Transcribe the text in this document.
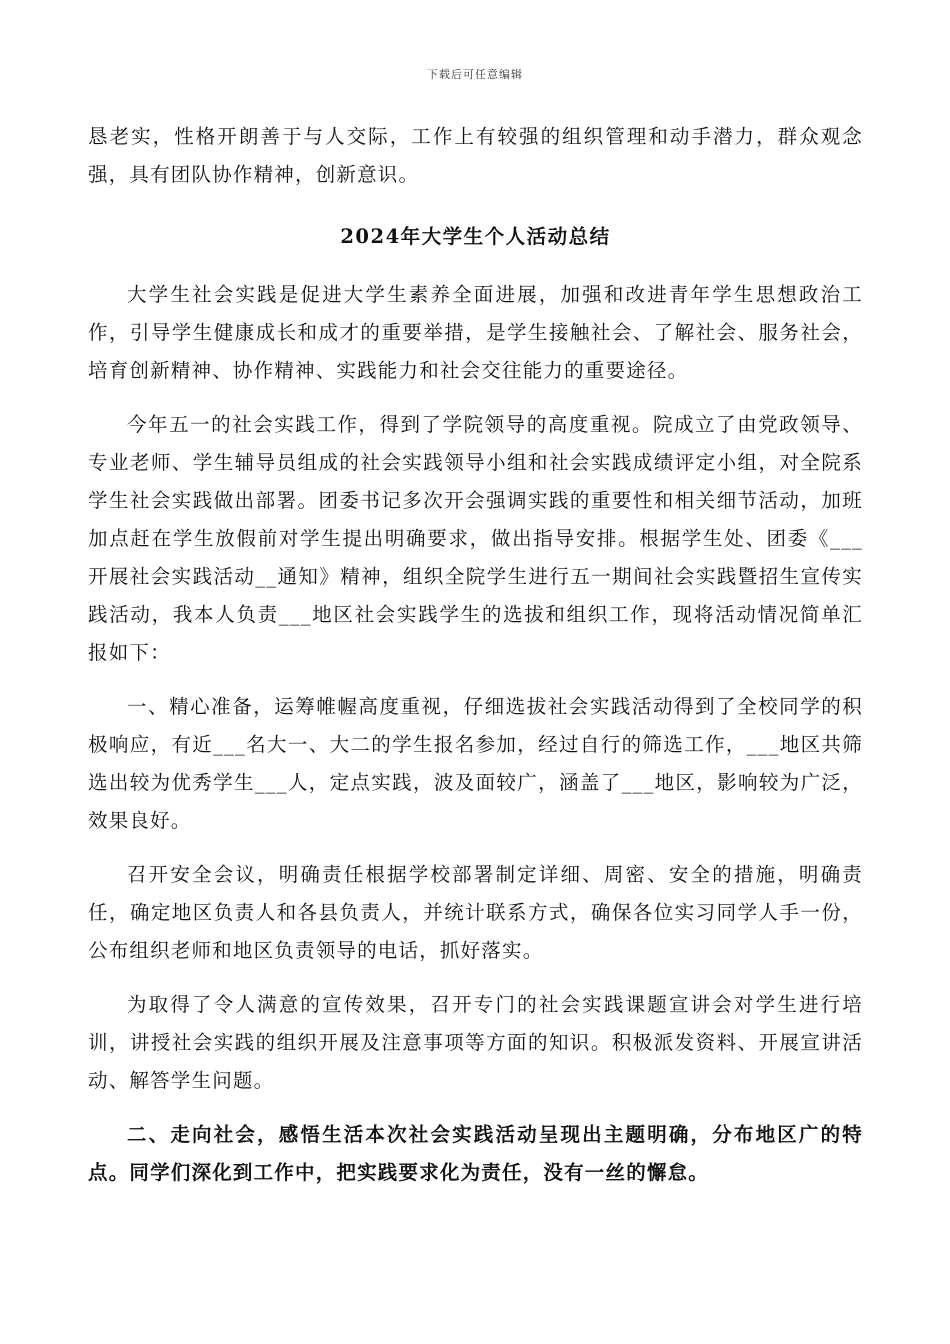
下载后可任意编辑

恳老实，性格开朗善于与人交际，工作上有较强的组织管理和动手潜力，群众观念强，具有团队协作精神，创新意识。

2024年大学生个人活动总结

大学生社会实践是促进大学生素养全面进展，加强和改进青年学生思想政治工作，引导学生健康成长和成才的重要举措，是学生接触社会、了解社会、服务社会，培育创新精神、协作精神、实践能力和社会交往能力的重要途径。

今年五一的社会实践工作，得到了学院领导的高度重视。院成立了由党政领导、专业老师、学生辅导员组成的社会实践领导小组和社会实践成绩评定小组，对全院系学生社会实践做出部署。团委书记多次开会强调实践的重要性和相关细节活动，加班加点赶在学生放假前对学生提出明确要求，做出指导安排。根据学生处、团委《___开展社会实践活动__通知》精神，组织全院学生进行五一期间社会实践暨招生宣传实践活动，我本人负责___地区社会实践学生的选拔和组织工作，现将活动情况简单汇报如下：

一、精心准备，运筹帷幄高度重视，仔细选拔社会实践活动得到了全校同学的积极响应，有近___名大一、大二的学生报名参加，经过自行的筛选工作，___地区共筛选出较为优秀学生___人，定点实践，波及面较广，涵盖了___地区，影响较为广泛，效果良好。

召开安全会议，明确责任根据学校部署制定详细、周密、安全的措施，明确责任，确定地区负责人和各县负责人，并统计联系方式，确保各位实习同学人手一份，公布组织老师和地区负责领导的电话，抓好落实。

为取得了令人满意的宣传效果，召开专门的社会实践课题宣讲会对学生进行培训，讲授社会实践的组织开展及注意事项等方面的知识。积极派发资料、开展宣讲活动、解答学生问题。

二、走向社会，感悟生活本次社会实践活动呈现出主题明确，分布地区广的特点。同学们深化到工作中，把实践要求化为责任，没有一丝的懈怠。
